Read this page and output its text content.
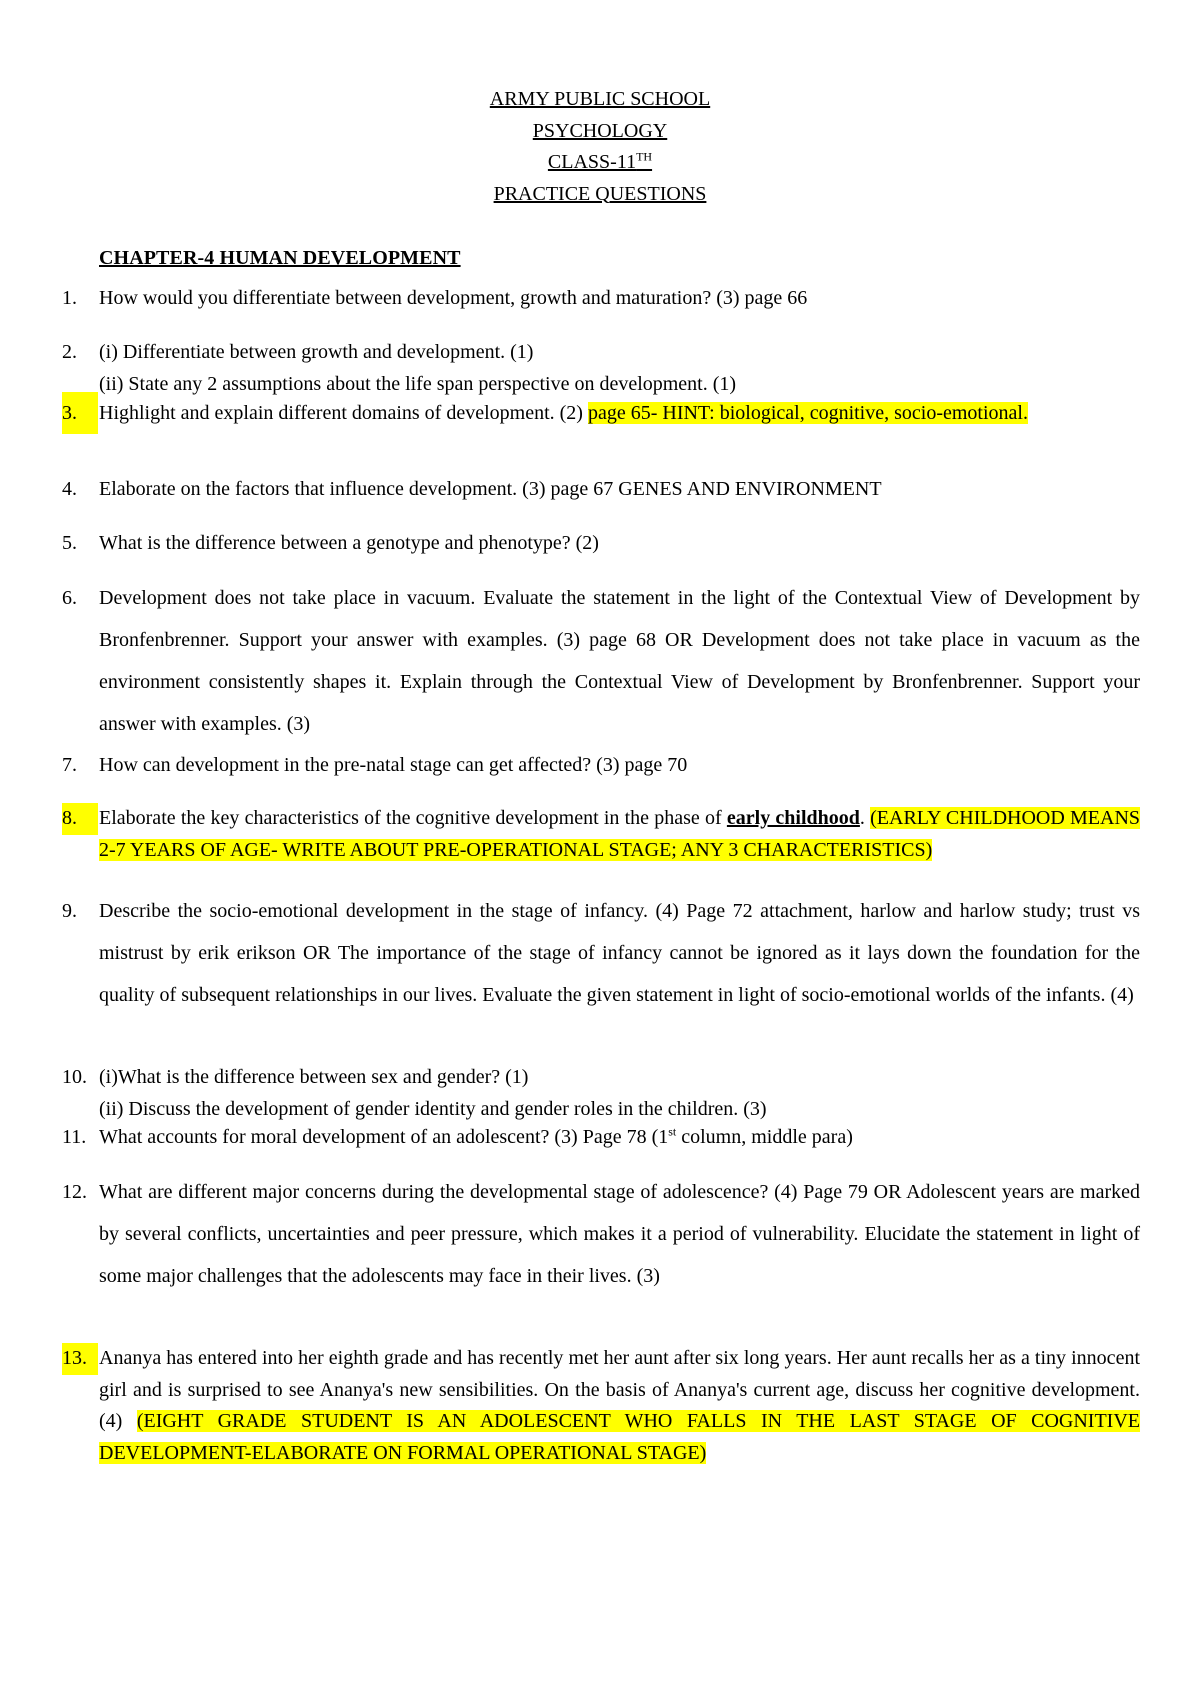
ARMY PUBLIC SCHOOL
PSYCHOLOGY
CLASS-11TH
PRACTICE QUESTIONS
CHAPTER-4 HUMAN DEVELOPMENT
1.	How would you differentiate between development, growth and maturation? (3) page 66
2.	(i) Differentiate between growth and development. (1)
(ii) State any 2 assumptions about the life span perspective on development. (1)
3.	Highlight and explain different domains of development. (2) page 65- HINT: biological, cognitive, socio-emotional.
4.	Elaborate on the factors that influence development. (3) page 67 GENES AND ENVIRONMENT
5.	What is the difference between a genotype and phenotype? (2)
6.	Development does not take place in vacuum. Evaluate the statement in the light of the Contextual View of Development by Bronfenbrenner. Support your answer with examples. (3) page 68 OR Development does not take place in vacuum as the environment consistently shapes it. Explain through the Contextual View of Development by Bronfenbrenner. Support your answer with examples. (3)
7.	How can development in the pre-natal stage can get affected? (3) page 70
8.	Elaborate the key characteristics of the cognitive development in the phase of early childhood. (EARLY CHILDHOOD MEANS 2-7 YEARS OF AGE- WRITE ABOUT PRE-OPERATIONAL STAGE; ANY 3 CHARACTERISTICS)
9.	Describe the socio-emotional development in the stage of infancy. (4) Page 72 attachment, harlow and harlow study; trust vs mistrust by erik erikson OR The importance of the stage of infancy cannot be ignored as it lays down the foundation for the quality of subsequent relationships in our lives. Evaluate the given statement in light of socio-emotional worlds of the infants. (4)
10. (i)What is the difference between sex and gender? (1)
(ii) Discuss the development of gender identity and gender roles in the children. (3)
11. What accounts for moral development of an adolescent? (3) Page 78 (1st column, middle para)
12. What are different major concerns during the developmental stage of adolescence? (4) Page 79 OR Adolescent years are marked by several conflicts, uncertainties and peer pressure, which makes it a period of vulnerability. Elucidate the statement in light of some major challenges that the adolescents may face in their lives. (3)
13. Ananya has entered into her eighth grade and has recently met her aunt after six long years. Her aunt recalls her as a tiny innocent girl and is surprised to see Ananya's new sensibilities. On the basis of Ananya's current age, discuss her cognitive development. (4) (EIGHT GRADE STUDENT IS AN ADOLESCENT WHO FALLS IN THE LAST STAGE OF COGNITIVE DEVELOPMENT-ELABORATE ON FORMAL OPERATIONAL STAGE)
